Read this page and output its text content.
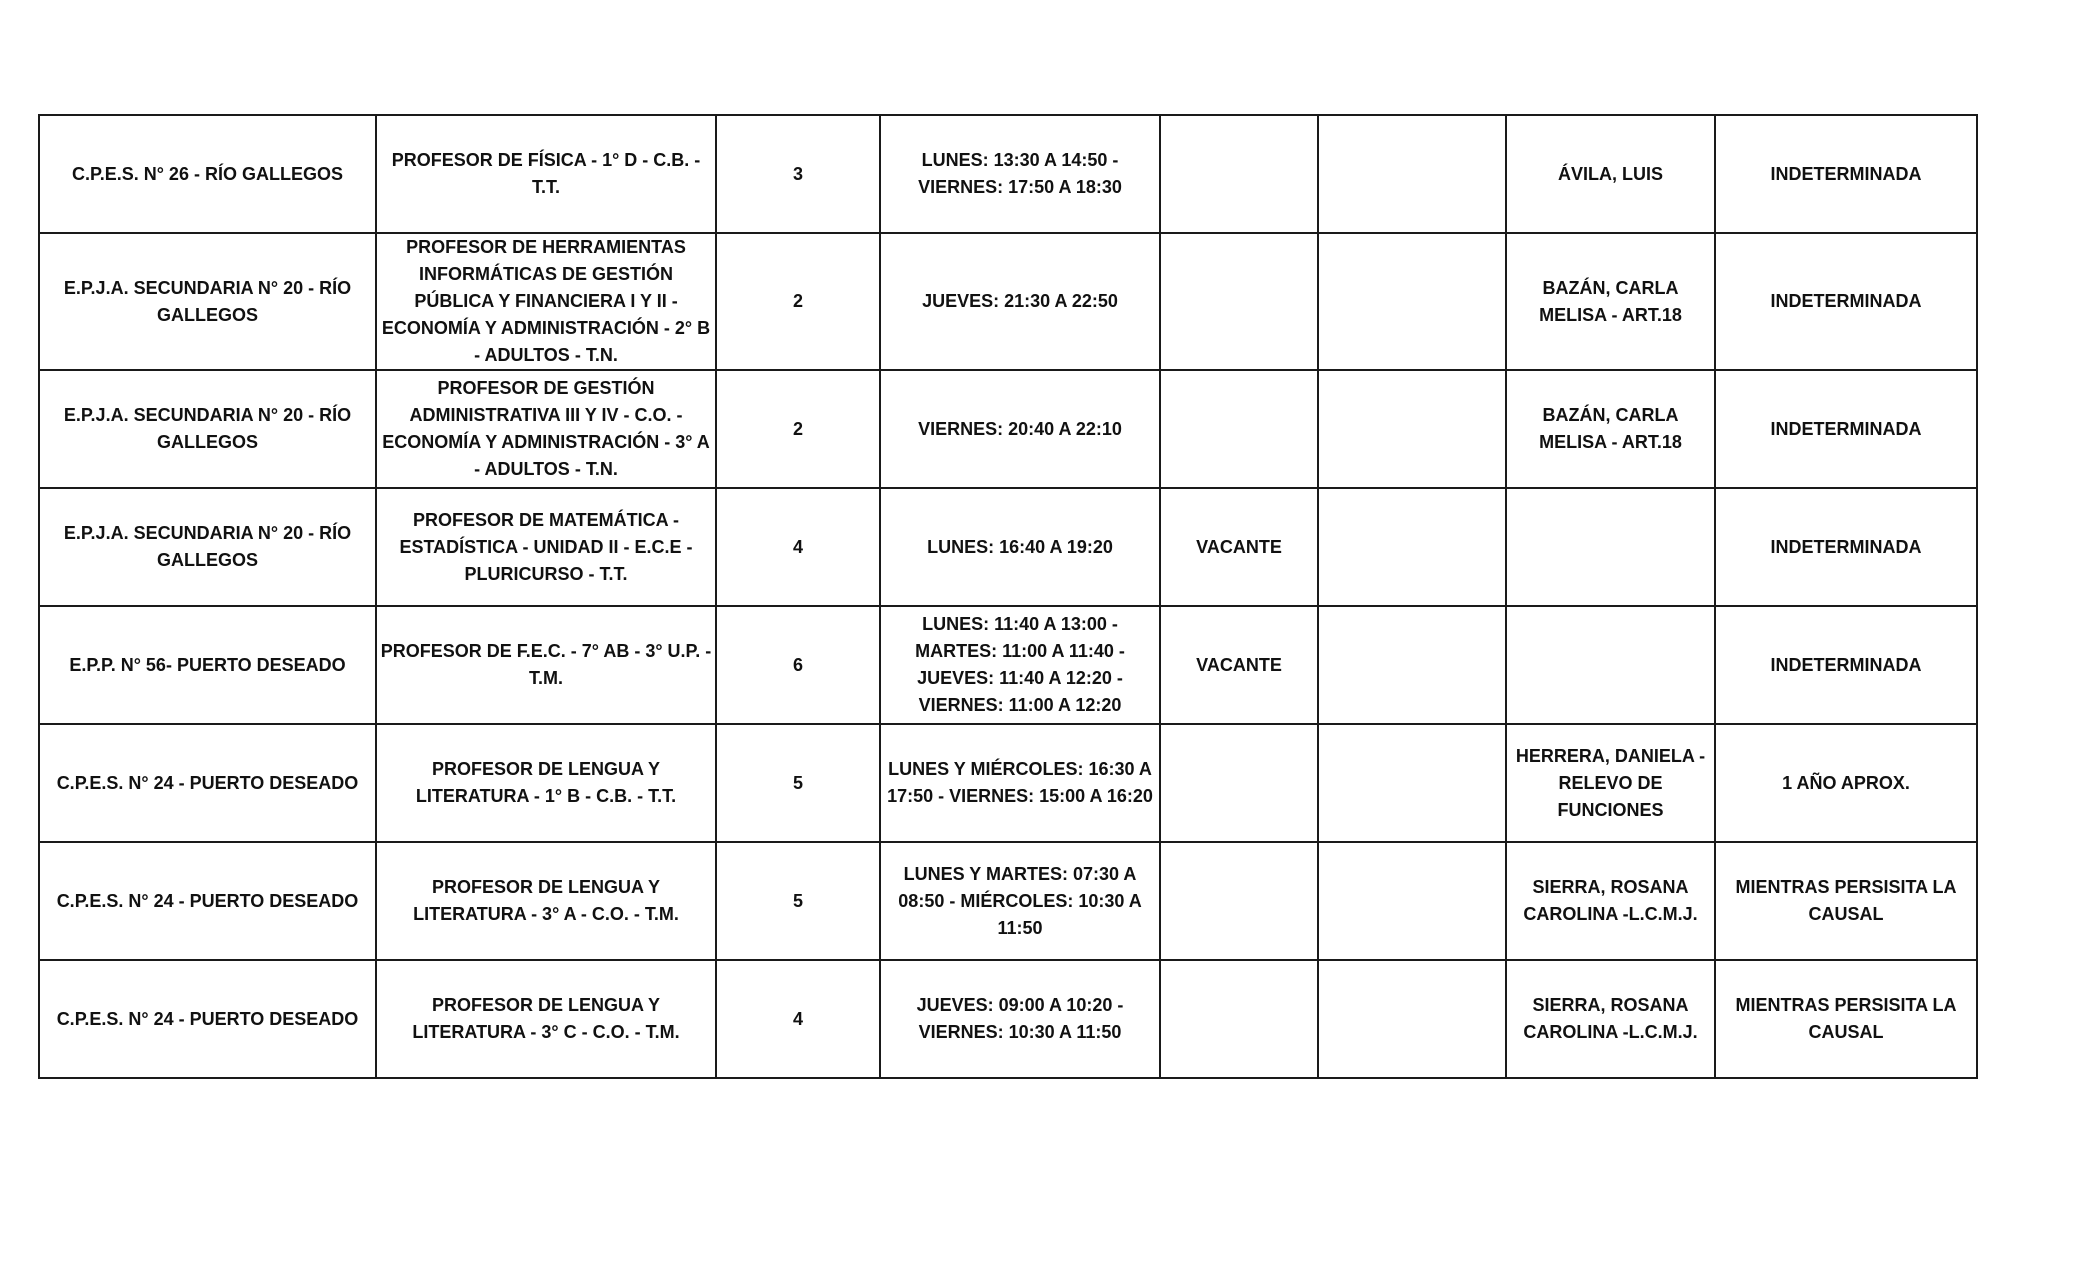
C.P.E.S. N° 26 - RÍO GALLEGOS	PROFESOR DE FÍSICA - 1° D - C.B. - T.T.	3	LUNES: 13:30 A 14:50 - VIERNES: 17:50 A 18:30			ÁVILA, LUIS	INDETERMINADA
E.P.J.A. SECUNDARIA N° 20 - RÍO GALLEGOS	PROFESOR DE HERRAMIENTAS INFORMÁTICAS DE GESTIÓN PÚBLICA Y FINANCIERA I Y II - ECONOMÍA Y ADMINISTRACIÓN - 2° B - ADULTOS - T.N.	2	JUEVES: 21:30 A 22:50			BAZÁN, CARLA MELISA - ART.18	INDETERMINADA
E.P.J.A. SECUNDARIA N° 20 - RÍO GALLEGOS	PROFESOR DE GESTIÓN ADMINISTRATIVA III Y IV - C.O. - ECONOMÍA Y ADMINISTRACIÓN - 3° A - ADULTOS - T.N.	2	VIERNES: 20:40 A 22:10			BAZÁN, CARLA MELISA - ART.18	INDETERMINADA
E.P.J.A. SECUNDARIA N° 20 - RÍO GALLEGOS	PROFESOR DE MATEMÁTICA - ESTADÍSTICA - UNIDAD II - E.C.E - PLURICURSO - T.T.	4	LUNES: 16:40 A 19:20	VACANTE			INDETERMINADA
E.P.P. N° 56- PUERTO DESEADO	PROFESOR DE F.E.C. - 7° AB - 3° U.P. - T.M.	6	LUNES: 11:40 A 13:00 - MARTES: 11:00 A 11:40 - JUEVES: 11:40 A 12:20 - VIERNES: 11:00 A 12:20	VACANTE			INDETERMINADA
C.P.E.S. N° 24 - PUERTO DESEADO	PROFESOR DE LENGUA Y LITERATURA - 1° B - C.B. - T.T.	5	LUNES Y MIÉRCOLES: 16:30 A 17:50 - VIERNES: 15:00 A 16:20			HERRERA, DANIELA - RELEVO DE FUNCIONES	1 AÑO APROX.
C.P.E.S. N° 24 - PUERTO DESEADO	PROFESOR DE LENGUA Y LITERATURA - 3° A - C.O. - T.M.	5	LUNES Y MARTES: 07:30 A 08:50 - MIÉRCOLES: 10:30 A 11:50			SIERRA, ROSANA CAROLINA -L.C.M.J.	MIENTRAS PERSISITA LA CAUSAL
C.P.E.S. N° 24 - PUERTO DESEADO	PROFESOR DE LENGUA Y LITERATURA - 3° C - C.O. - T.M.	4	JUEVES: 09:00 A 10:20 - VIERNES: 10:30 A 11:50			SIERRA, ROSANA CAROLINA -L.C.M.J.	MIENTRAS PERSISITA LA CAUSAL
